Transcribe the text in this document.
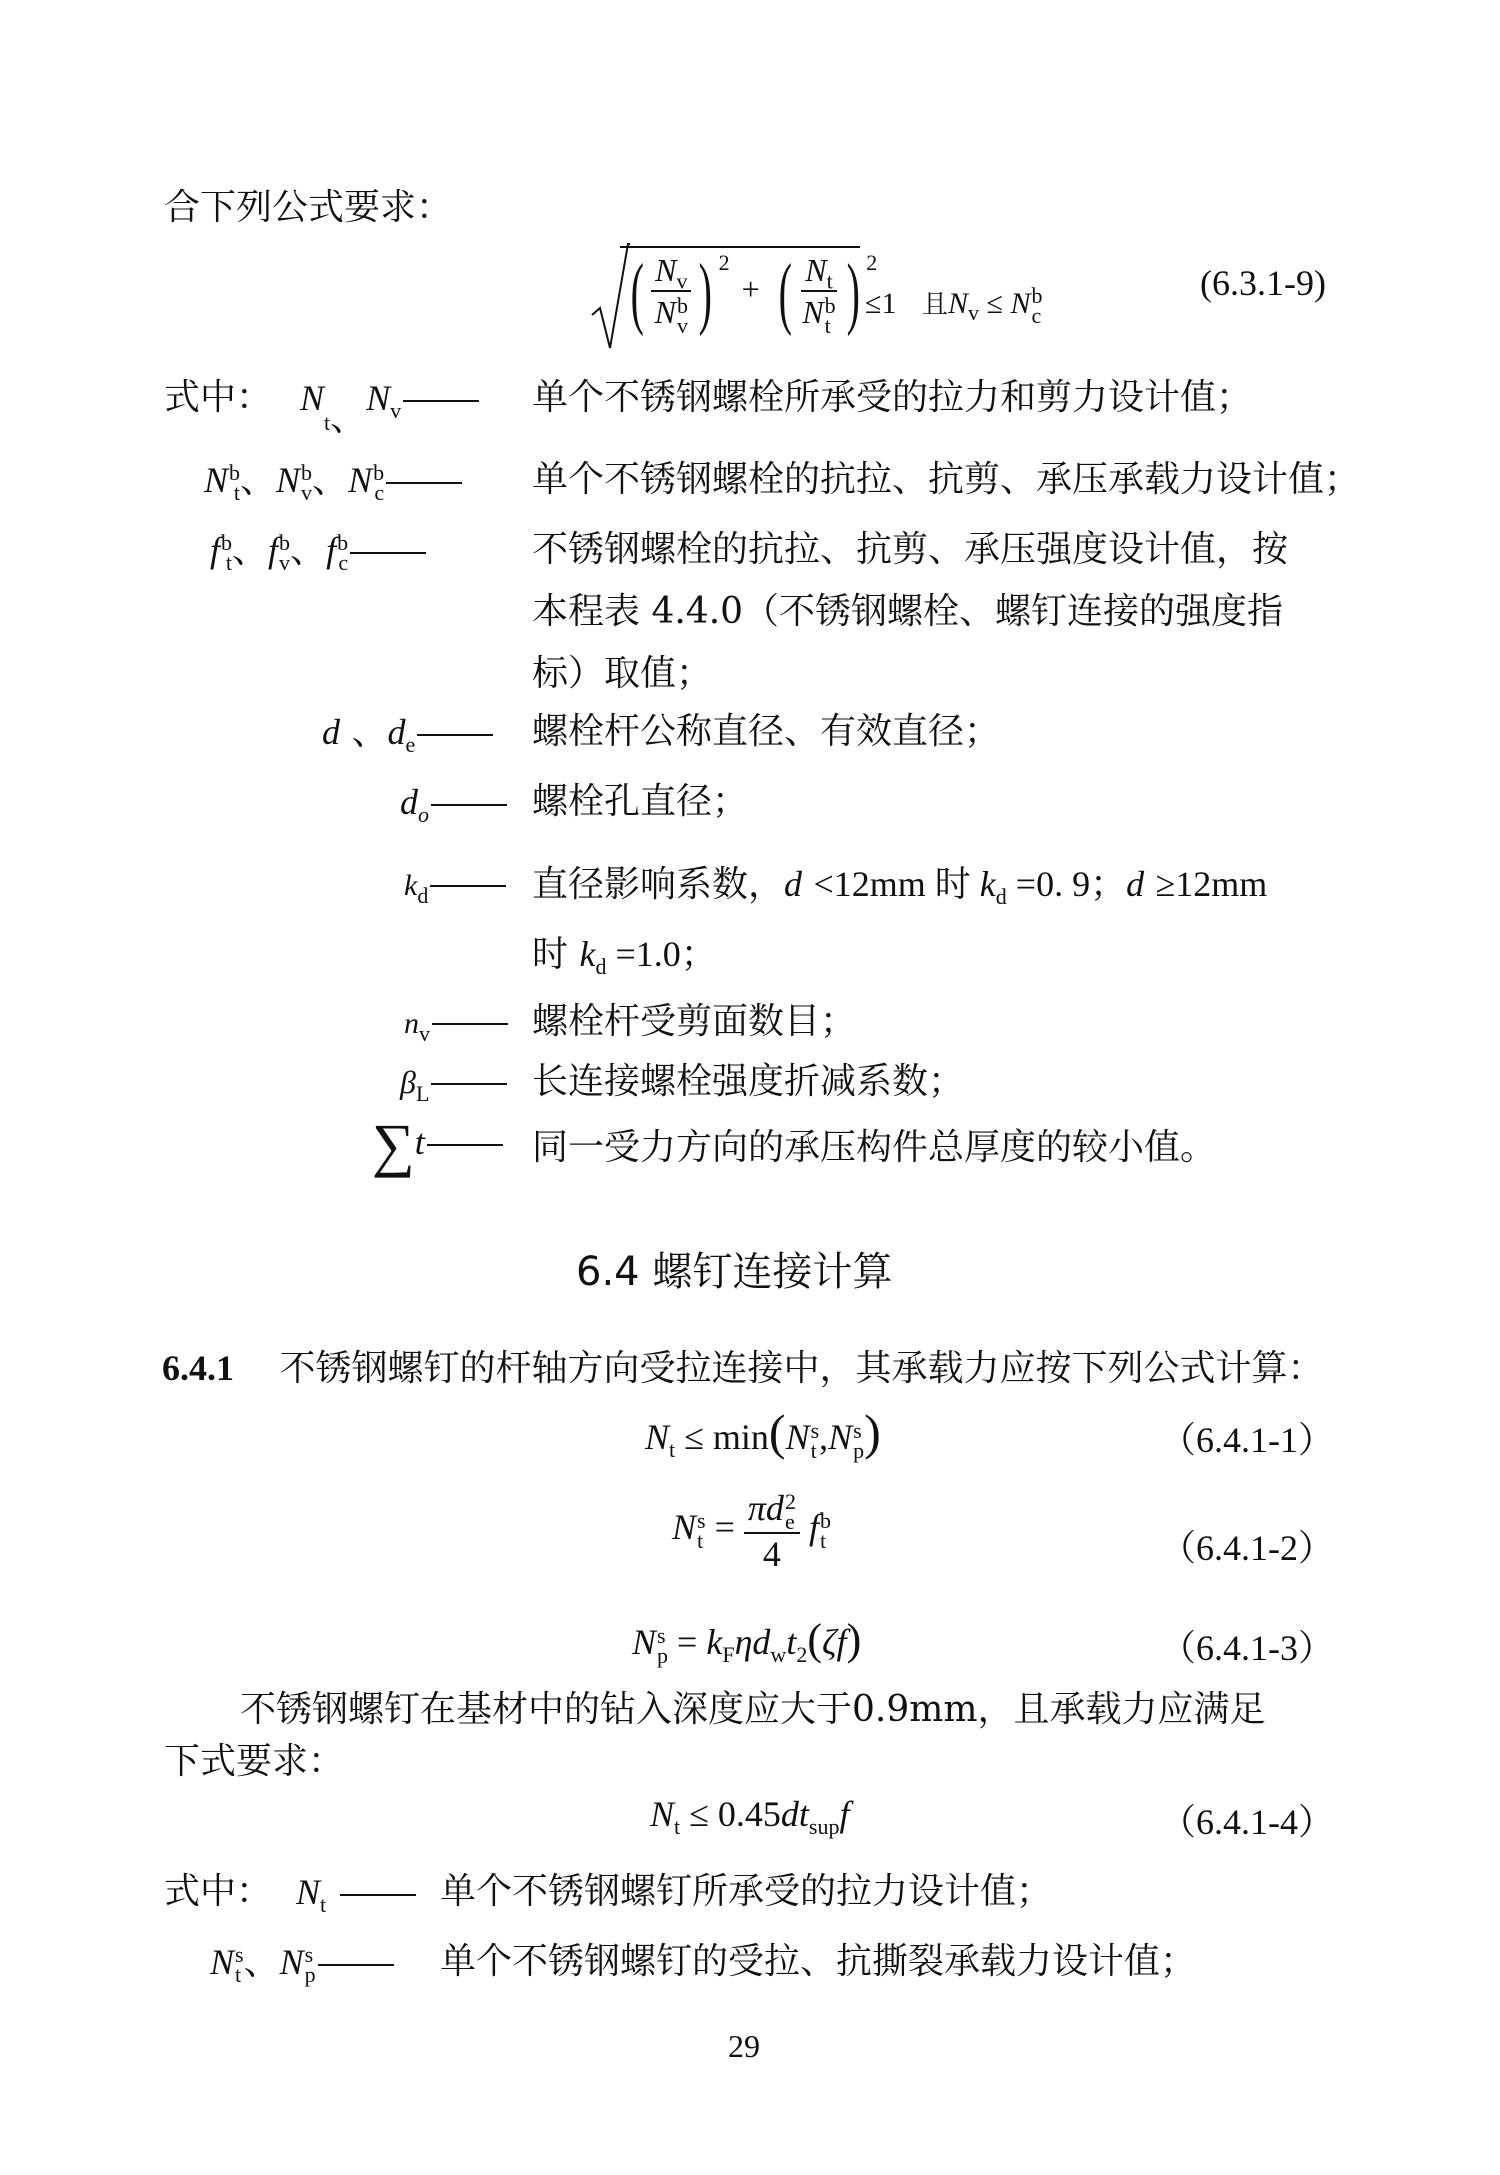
合下列公式要求：
( $N_v$
N b
v ) $^2$ + ( $N_t$
N b
t ) $^2$
≤1 且$N_v \le N$ b
c
(6.3.1-9)
式中： $N_t$、$N_v$	单个不锈钢螺栓所承受的拉力和剪力设计值；
N b
t 、N b
v 、N b
c	单个不锈钢螺栓的抗拉、抗剪、承压承载力设计值；
f b
t 、f b
v 、f b
c	不锈钢螺栓的抗拉、抗剪、承压强度设计值，按
本程表 4.4.0（不锈钢螺栓、螺钉连接的强度指
标）取值；
d 、$d_e$	螺栓杆公称直径、有效直径；
$d_o$	螺栓孔直径；
$k_d$	直径影响系数，d <12mm 时 $k_d =0$. 9；d ≥12mm
时 $k_d =1.0$；
$n_v$	螺栓杆受剪面数目；
$\beta_L$	长连接螺栓强度折减系数；
∑t	同一受力方向的承压构件总厚度的较小值。
6.4 螺钉连接计算
6.4.1 不锈钢螺钉的杆轴方向受拉连接中，其承载力应按下列公式计算：
$N_t \le \min(N$ s
t ,N s
p )	（6.4.1-1）
N s
t = πd 2
e
4 f b
t	（6.4.1-2）
N s
$p = k_F\eta d_wt_2(\zeta f)$	（6.4.1-3）
不锈钢螺钉在基材中的钻入深度应大于0.9mm，且承载力应满足
下式要求：
$N_t \le 0.45dt_{sup}f$	（6.4.1-4）
式中： $N_t$	单个不锈钢螺钉所承受的拉力设计值；
N s
t 、N s
p	单个不锈钢螺钉的受拉、抗撕裂承载力设计值；
29
